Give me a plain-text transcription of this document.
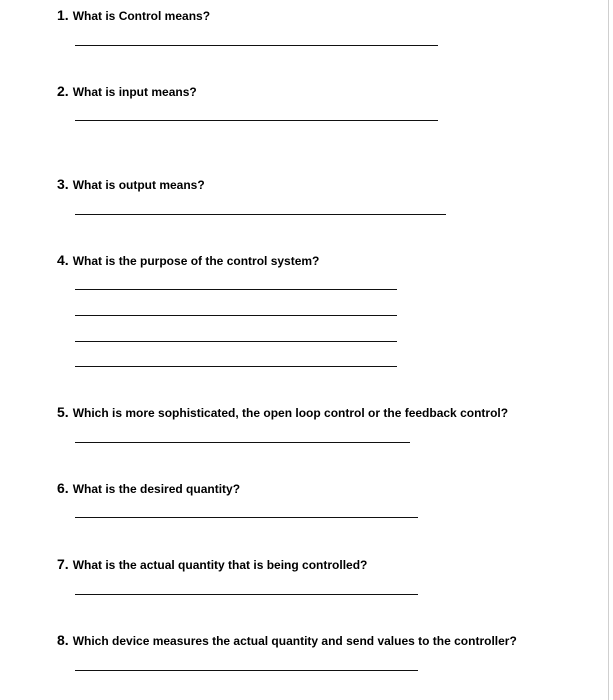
1. What is Control means?
2. What is input means?
3. What is output means?
4. What is the purpose of the control system?
5. Which is more sophisticated, the open loop control or the feedback control?
6. What is the desired quantity?
7. What is the actual quantity that is being controlled?
8. Which device measures the actual quantity and send values to the controller?
